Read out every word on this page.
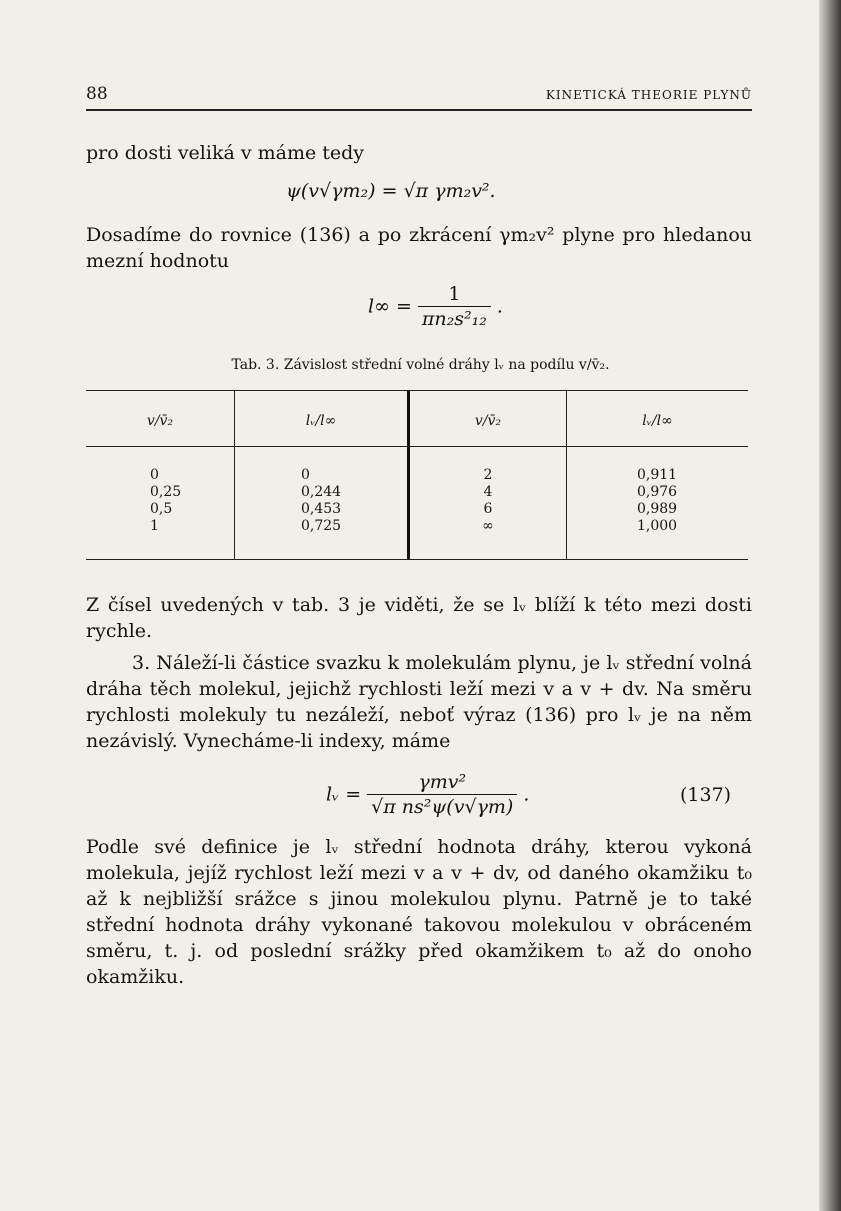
88	KINETICKÁ THEORIE PLYNŮ
pro dosti veliká v máme tedy
ψ(v√γm₂) = √π γm₂v².
Dosadíme do rovnice (136) a po zkrácení γm₂v² plyne pro hledanou mezní hodnotu
$l\infty = \frac{1}{\text{πn₂s²₁₂}}$ .
Tab. 3. Závislost střední volné dráhy lᵥ na podílu v/v̄₂.
v/v̄₂
0
0,25
0,5
1
lᵥ/l∞
0
0,244
0,453
0,725
v/v̄₂
2
4
6
∞
lᵥ/l∞
0,911
0,976
0,989
1,000
Z čísel uvedených v tab. 3 je viděti, že se lᵥ blíží k této mezi dosti rychle.
3. Náleží-li částice svazku k molekulám plynu, je lᵥ střední volná dráha těch molekul, jejichž rychlosti leží mezi v a v + dv. Na směru rychlosti molekuly tu nezáleží, neboť výraz (136) pro lᵥ je na něm nezávislý. Vynecháme-li indexy, máme
lᵥ = $\frac{\text{γmv²}}{\text{√π ns²ψ(v√γm)}}$ .	(137)
Podle své definice je lᵥ střední hodnota dráhy, kterou vykoná molekula, jejíž rychlost leží mezi v a v + dv, od daného okamžiku t₀ až k nejbližší srážce s jinou molekulou plynu. Patrně je to také střední hodnota dráhy vykonané takovou molekulou v obráceném směru, t. j. od poslední srážky před okamžikem t₀ až do onoho okamžiku.
